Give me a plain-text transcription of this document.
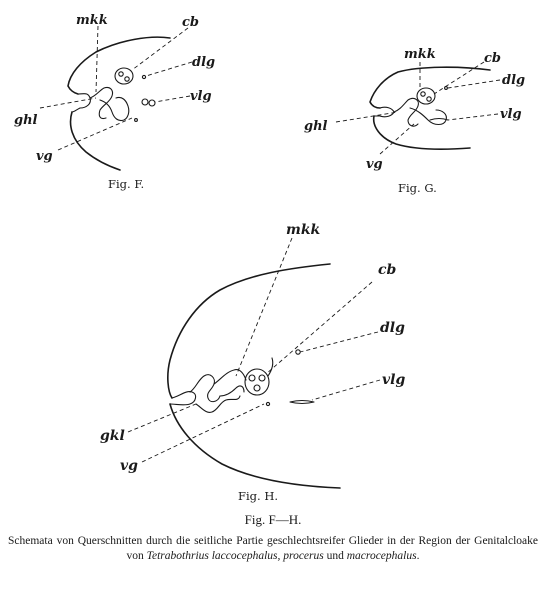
mkk	cb
dlg
vlg
ghl
vg
Fig. F.
mkk	cb
dlg
vlg
ghl
vg
Fig. G.
mkk
cb
dlg
vlg
gkl
vg
Fig. H.

Fig. F—H.

Schemata von Querschnitten durch die seitliche Partie geschlechtsreifer Glieder in der Region der Genitalcloake von Tetrabothrius laccocephalus, procerus und macrocephalus.
